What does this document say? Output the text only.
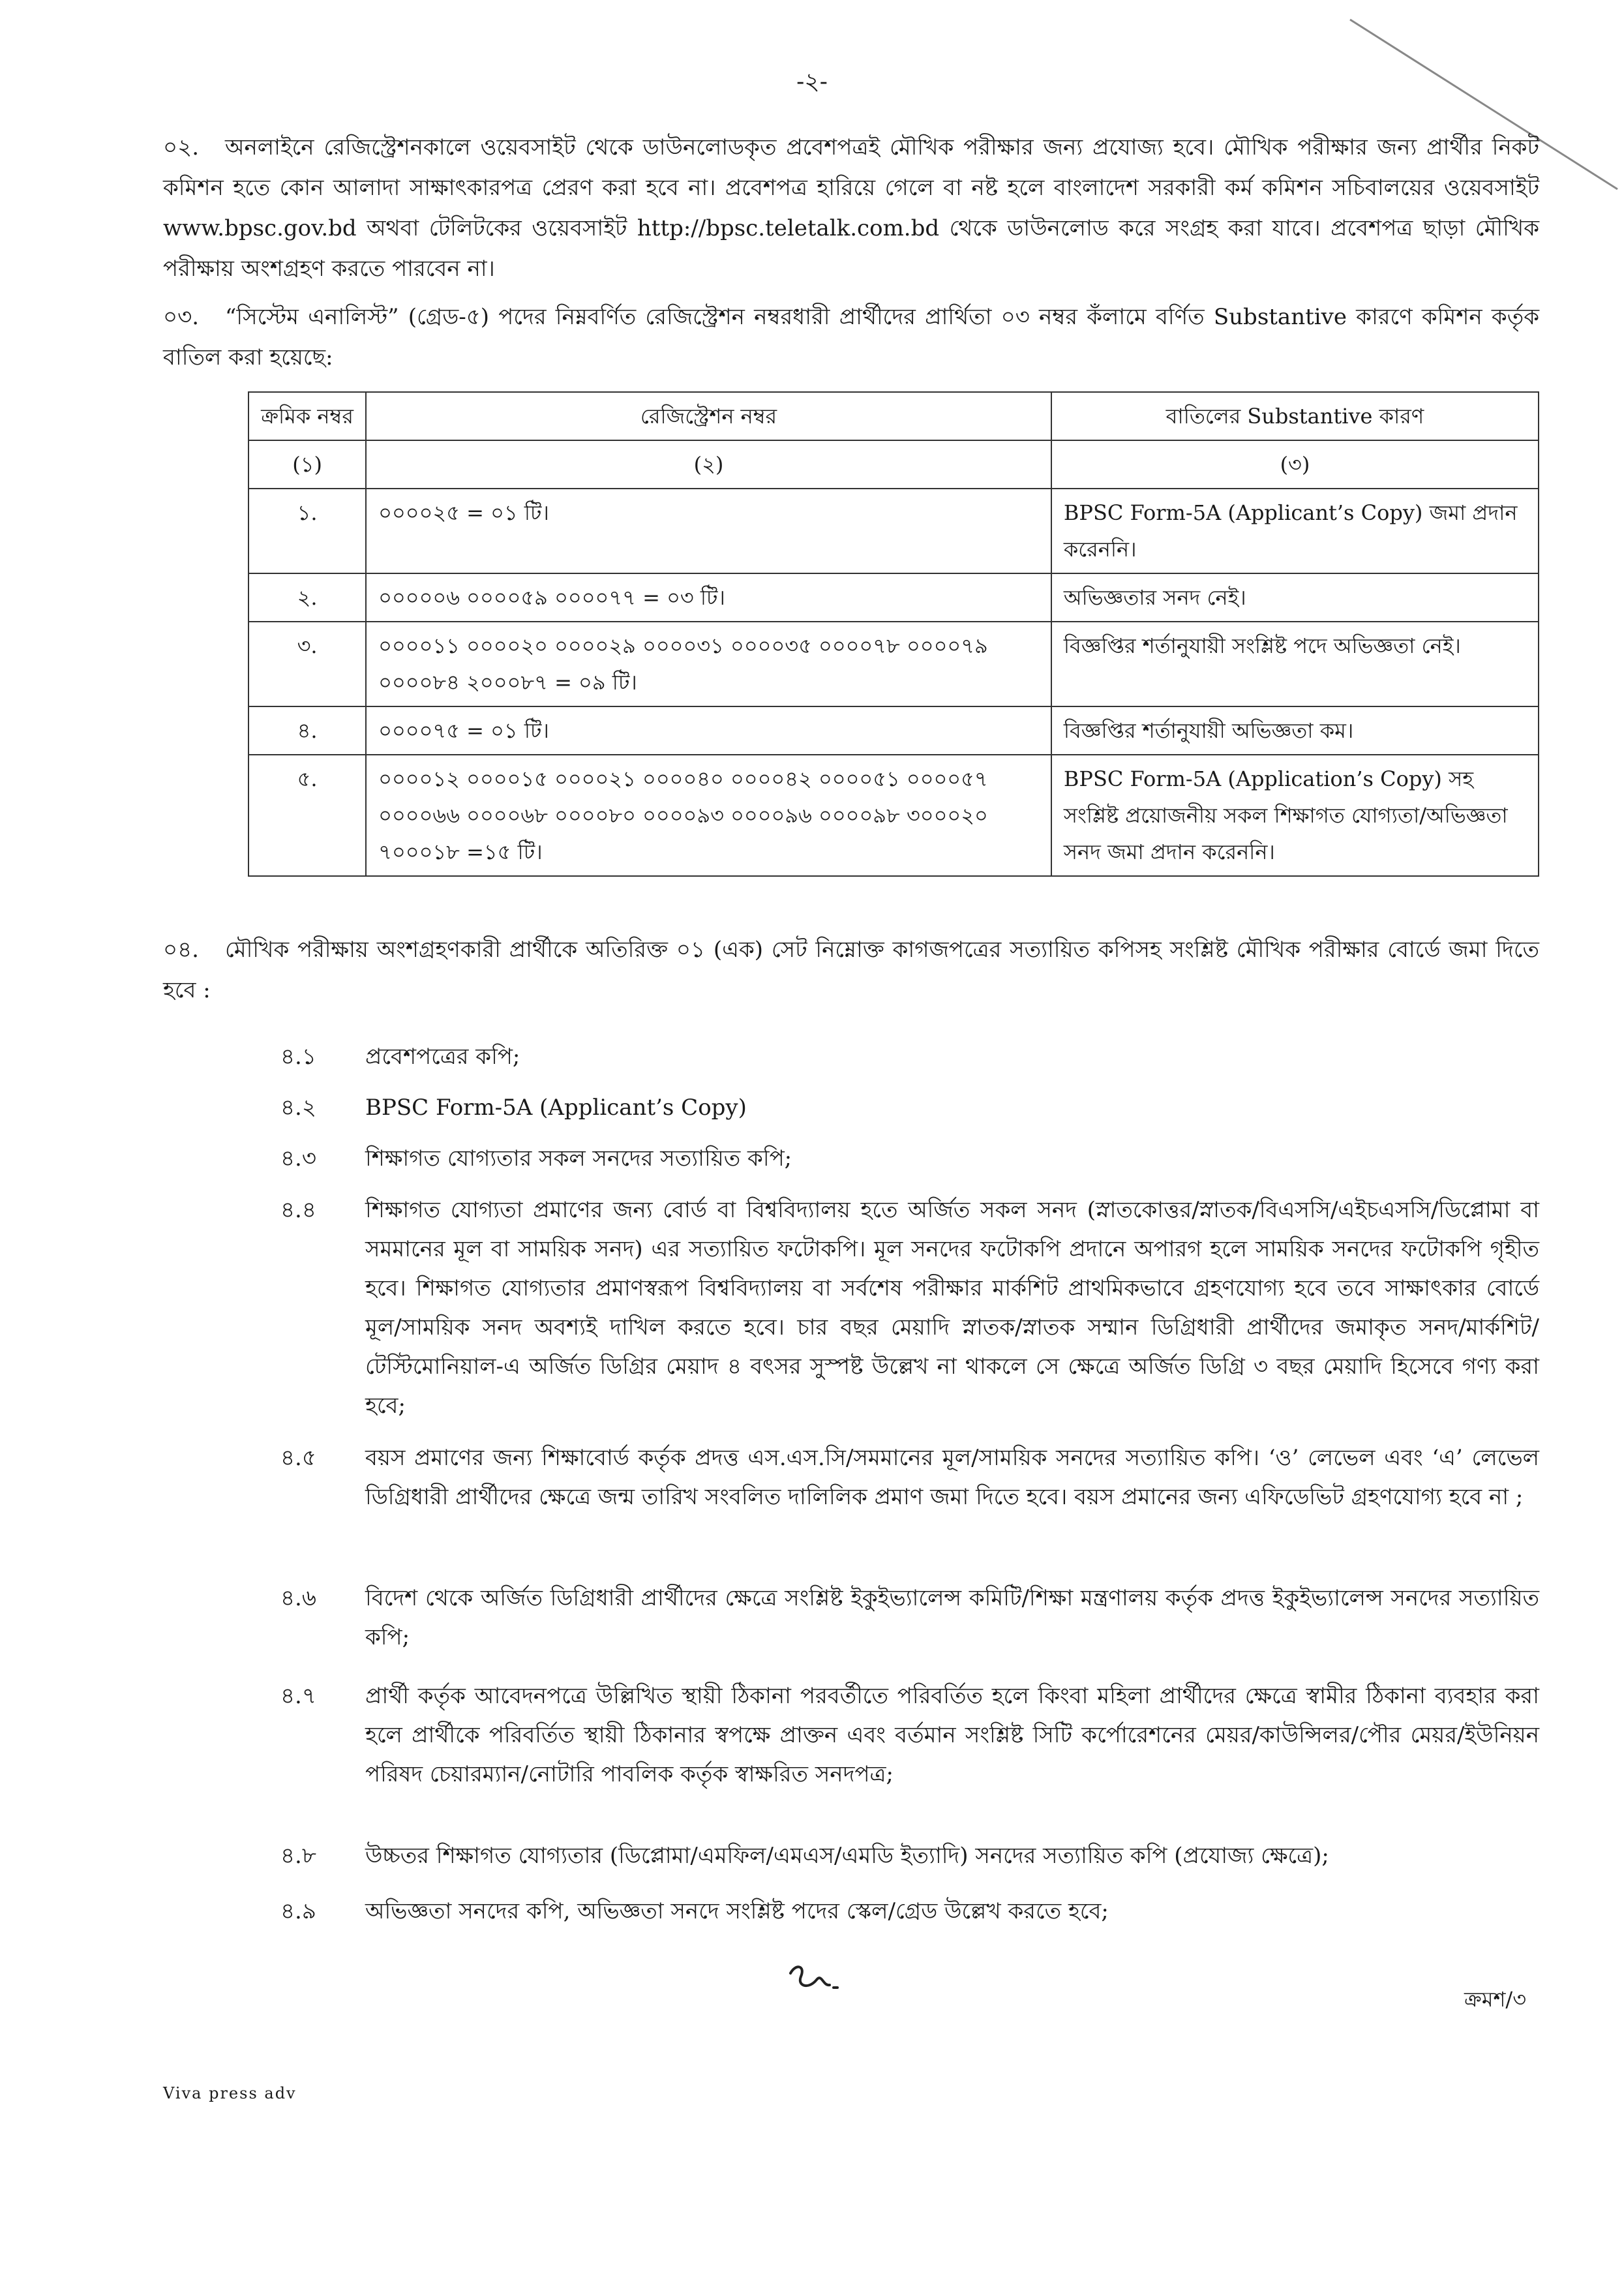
-২-
০২. অনলাইনে রেজিস্ট্রেশনকালে ওয়েবসাইট থেকে ডাউনলোডকৃত প্রবেশপত্রই মৌখিক পরীক্ষার জন্য প্রযোজ্য হবে। মৌখিক পরীক্ষার জন্য প্রার্থীর নিকট কমিশন হতে কোন আলাদা সাক্ষাৎকারপত্র প্রেরণ করা হবে না। প্রবেশপত্র হারিয়ে গেলে বা নষ্ট হলে বাংলাদেশ সরকারী কর্ম কমিশন সচিবালয়ের ওয়েবসাইট www.bpsc.gov.bd অথবা টেলিটকের ওয়েবসাইট http://bpsc.teletalk.com.bd থেকে ডাউনলোড করে সংগ্রহ করা যাবে। প্রবেশপত্র ছাড়া মৌখিক পরীক্ষায় অংশগ্রহণ করতে পারবেন না।
০৩. “সিস্টেম এনালিস্ট” (গ্রেড-৫) পদের নিম্নবর্ণিত রেজিস্ট্রেশন নম্বরধারী প্রার্থীদের প্রার্থিতা ০৩ নম্বর কঁলামে বর্ণিত Substantive কারণে কমিশন কর্তৃক বাতিল করা হয়েছে:
ক্রমিক নম্বর	রেজিস্ট্রেশন নম্বর	বাতিলের Substantive কারণ
(১)	(২)	(৩)
১.	০০০০২৫ = ০১ টি।	BPSC Form-5A (Applicant’s Copy) জমা প্রদান করেননি।
২.	০০০০০৬ ০০০০৫৯ ০০০০৭৭ = ০৩ টি।	অভিজ্ঞতার সনদ নেই।
৩.	০০০০১১ ০০০০২০ ০০০০২৯ ০০০০৩১ ০০০০৩৫ ০০০০৭৮ ০০০০৭৯ ০০০০৮৪ ২০০০৮৭ = ০৯ টি।	বিজ্ঞপ্তির শর্তানুযায়ী সংশ্লিষ্ট পদে অভিজ্ঞতা নেই।
৪.	০০০০৭৫ = ০১ টি।	বিজ্ঞপ্তির শর্তানুযায়ী অভিজ্ঞতা কম।
৫.	০০০০১২ ০০০০১৫ ০০০০২১ ০০০০৪০ ০০০০৪২ ০০০০৫১ ০০০০৫৭ ০০০০৬৬ ০০০০৬৮ ০০০০৮০ ০০০০৯৩ ০০০০৯৬ ০০০০৯৮ ৩০০০২০ ৭০০০১৮ =১৫ টি।	BPSC Form-5A (Application’s Copy) সহ সংশ্লিষ্ট প্রয়োজনীয় সকল শিক্ষাগত যোগ্যতা/অভিজ্ঞতা সনদ জমা প্রদান করেননি।
০৪. মৌখিক পরীক্ষায় অংশগ্রহণকারী প্রার্থীকে অতিরিক্ত ০১ (এক) সেট নিম্নোক্ত কাগজপত্রের সত্যায়িত কপিসহ সংশ্লিষ্ট মৌখিক পরীক্ষার বোর্ডে জমা দিতে হবে :
৪.১	প্রবেশপত্রের কপি;
৪.২	BPSC Form-5A (Applicant’s Copy)
৪.৩	শিক্ষাগত যোগ্যতার সকল সনদের সত্যায়িত কপি;
৪.৪	শিক্ষাগত যোগ্যতা প্রমাণের জন্য বোর্ড বা বিশ্ববিদ্যালয় হতে অর্জিত সকল সনদ (স্নাতকোত্তর/স্নাতক/বিএসসি/এইচএসসি/ডিপ্লোমা বা সমমানের মূল বা সাময়িক সনদ) এর সত্যায়িত ফটোকপি। মূল সনদের ফটোকপি প্রদানে অপারগ হলে সাময়িক সনদের ফটোকপি গৃহীত হবে। শিক্ষাগত যোগ্যতার প্রমাণস্বরূপ বিশ্ববিদ্যালয় বা সর্বশেষ পরীক্ষার মার্কশিট প্রাথমিকভাবে গ্রহণযোগ্য হবে তবে সাক্ষাৎকার বোর্ডে মূল/সাময়িক সনদ অবশ্যই দাখিল করতে হবে। চার বছর মেয়াদি স্নাতক/স্নাতক সম্মান ডিগ্রিধারী প্রার্থীদের জমাকৃত সনদ/মার্কশিট/টেস্টিমোনিয়াল-এ অর্জিত ডিগ্রির মেয়াদ ৪ বৎসর সুস্পষ্ট উল্লেখ না থাকলে সে ক্ষেত্রে অর্জিত ডিগ্রি ৩ বছর মেয়াদি হিসেবে গণ্য করা হবে;
৪.৫	বয়স প্রমাণের জন্য শিক্ষাবোর্ড কর্তৃক প্রদত্ত এস.এস.সি/সমমানের মূল/সাময়িক সনদের সত্যায়িত কপি। ‘ও’ লেভেল এবং ‘এ’ লেভেল ডিগ্রিধারী প্রার্থীদের ক্ষেত্রে জন্ম তারিখ সংবলিত দালিলিক প্রমাণ জমা দিতে হবে। বয়স প্রমানের জন্য এফিডেভিট গ্রহণযোগ্য হবে না ;
৪.৬	বিদেশ থেকে অর্জিত ডিগ্রিধারী প্রার্থীদের ক্ষেত্রে সংশ্লিষ্ট ইকুইভ্যালেন্স কমিটি/শিক্ষা মন্ত্রণালয় কর্তৃক প্রদত্ত ইকুইভ্যালেন্স সনদের সত্যায়িত কপি;
৪.৭	প্রার্থী কর্তৃক আবেদনপত্রে উল্লিখিত স্থায়ী ঠিকানা পরবর্তীতে পরিবর্তিত হলে কিংবা মহিলা প্রার্থীদের ক্ষেত্রে স্বামীর ঠিকানা ব্যবহার করা হলে প্রার্থীকে পরিবর্তিত স্থায়ী ঠিকানার স্বপক্ষে প্রাক্তন এবং বর্তমান সংশ্লিষ্ট সিটি কর্পোরেশনের মেয়র/কাউন্সিলর/পৌর মেয়র/ইউনিয়ন পরিষদ চেয়ারম্যান/নোটারি পাবলিক কর্তৃক স্বাক্ষরিত সনদপত্র;
৪.৮	উচ্চতর শিক্ষাগত যোগ্যতার (ডিপ্লোমা/এমফিল/এমএস/এমডি ইত্যাদি) সনদের সত্যায়িত কপি (প্রযোজ্য ক্ষেত্রে);
৪.৯	অভিজ্ঞতা সনদের কপি, অভিজ্ঞতা সনদে সংশ্লিষ্ট পদের স্কেল/গ্রেড উল্লেখ করতে হবে;
ক্রমশ/৩
Viva press adv
